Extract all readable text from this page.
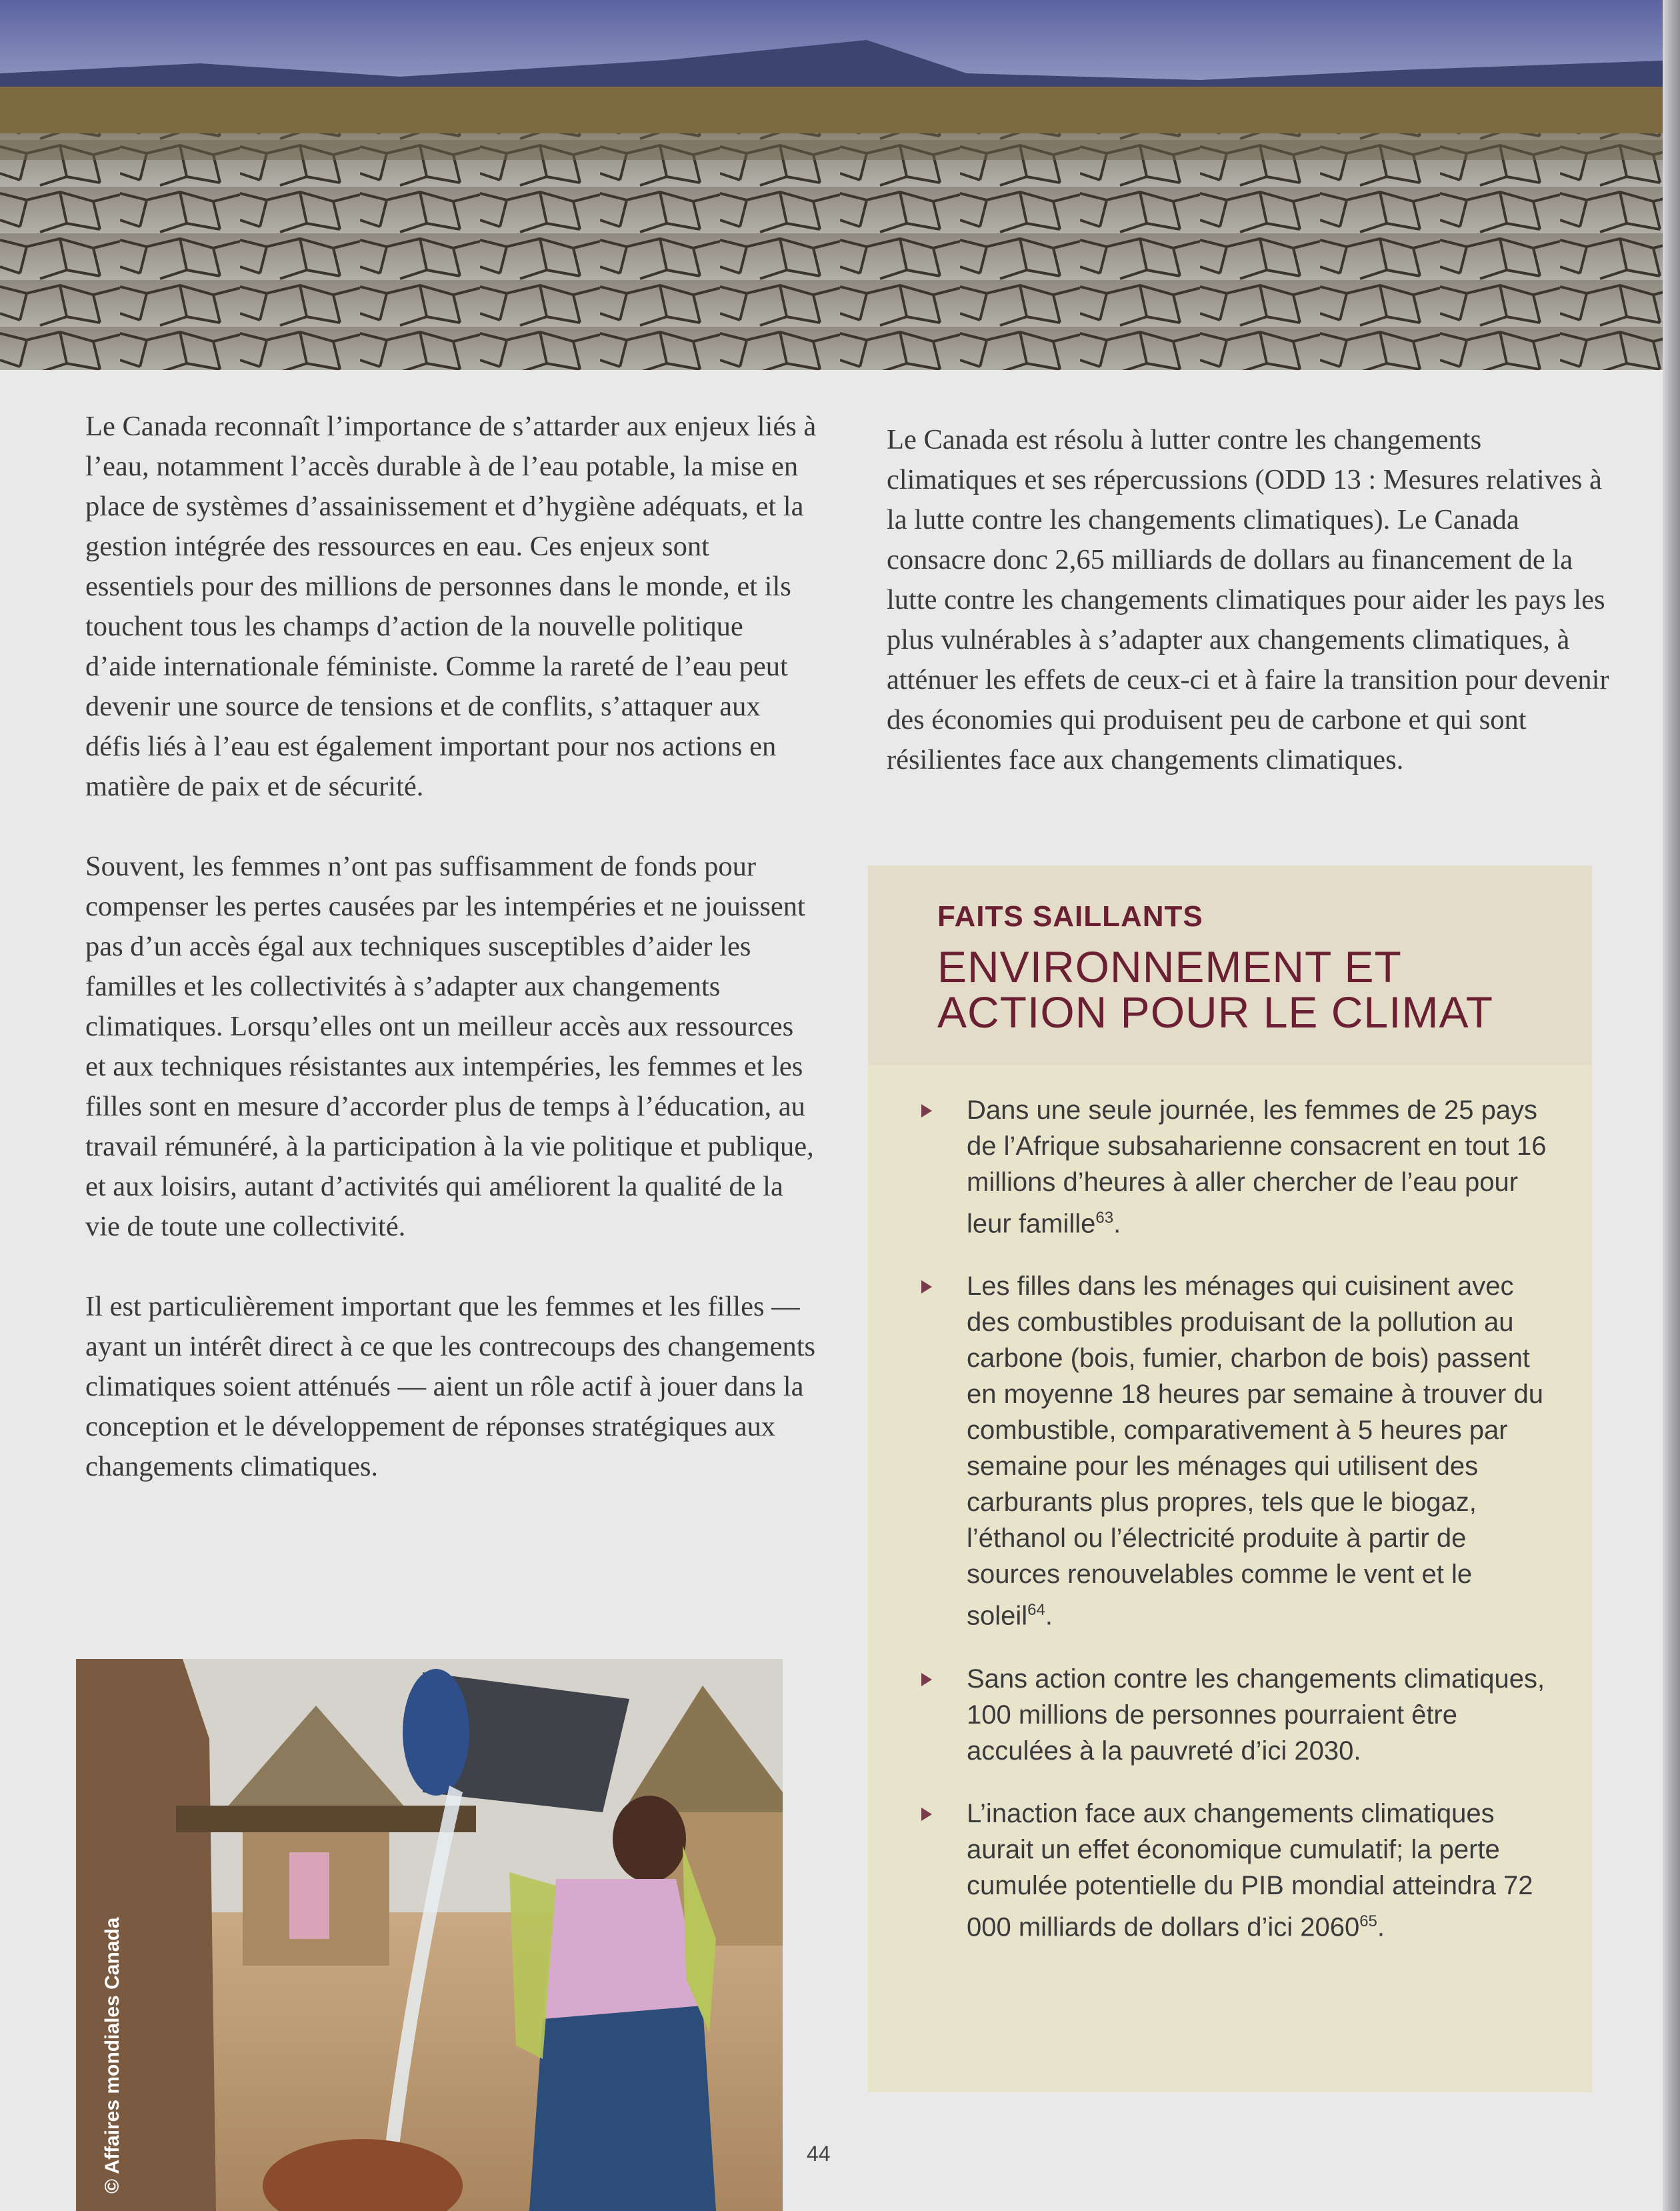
Le Canada reconnaît l’importance de s’attarder aux enjeux liés à l’eau, notamment l’accès durable à de l’eau potable, la mise en place de systèmes d’assainissement et d’hygiène adéquats, et la gestion intégrée des ressources en eau. Ces enjeux sont essentiels pour des millions de personnes dans le monde, et ils touchent tous les champs d’action de la nouvelle politique d’aide internationale féministe. Comme la rareté de l’eau peut devenir une source de tensions et de conflits, s’attaquer aux défis liés à l’eau est également important pour nos actions en matière de paix et de sécurité.

Souvent, les femmes n’ont pas suffisamment de fonds pour compenser les pertes causées par les intempéries et ne jouissent pas d’un accès égal aux techniques susceptibles d’aider les familles et les collectivités à s’adapter aux changements climatiques. Lorsqu’elles ont un meilleur accès aux ressources et aux techniques résistantes aux intempéries, les femmes et les filles sont en mesure d’accorder plus de temps à l’éducation, au travail rémunéré, à la participation à la vie politique et publique, et aux loisirs, autant d’activités qui améliorent la qualité de la vie de toute une collectivité.

Il est particulièrement important que les femmes et les filles — ayant un intérêt direct à ce que les contrecoups des changements climatiques soient atténués — aient un rôle actif à jouer dans la conception et le développement de réponses stratégiques aux changements climatiques.

Le Canada est résolu à lutter contre les changements climatiques et ses répercussions (ODD 13 : Mesures relatives à la lutte contre les changements climatiques). Le Canada consacre donc 2,65 milliards de dollars au financement de la lutte contre les changements climatiques pour aider les pays les plus vulnérables à s’adapter aux changements climatiques, à atténuer les effets de ceux-ci et à faire la transition pour devenir des économies qui produisent peu de carbone et qui sont résilientes face aux changements climatiques.

FAITS SAILLANTS
ENVIRONNEMENT ET
ACTION POUR LE CLIMAT
Dans une seule journée, les femmes de 25 pays de l’Afrique subsaharienne consacrent en tout 16 millions d’heures à aller chercher de l’eau pour leur famille$^{63}$.
Les filles dans les ménages qui cuisinent avec des combustibles produisant de la pollution au carbone (bois, fumier, charbon de bois) passent en moyenne 18 heures par semaine à trouver du combustible, comparativement à 5 heures par semaine pour les ménages qui utilisent des carburants plus propres, tels que le biogaz, l’éthanol ou l’électricité produite à partir de sources renouvelables comme le vent et le soleil$^{64}$.
Sans action contre les changements climatiques, 100 millions de personnes pourraient être acculées à la pauvreté d’ici 2030.
L’inaction face aux changements climatiques aurait un effet économique cumulatif; la perte cumulée potentielle du PIB mondial atteindra 72 000 milliards de dollars d’ici 2060$^{65}$.
© Affaires mondiales Canada	44
